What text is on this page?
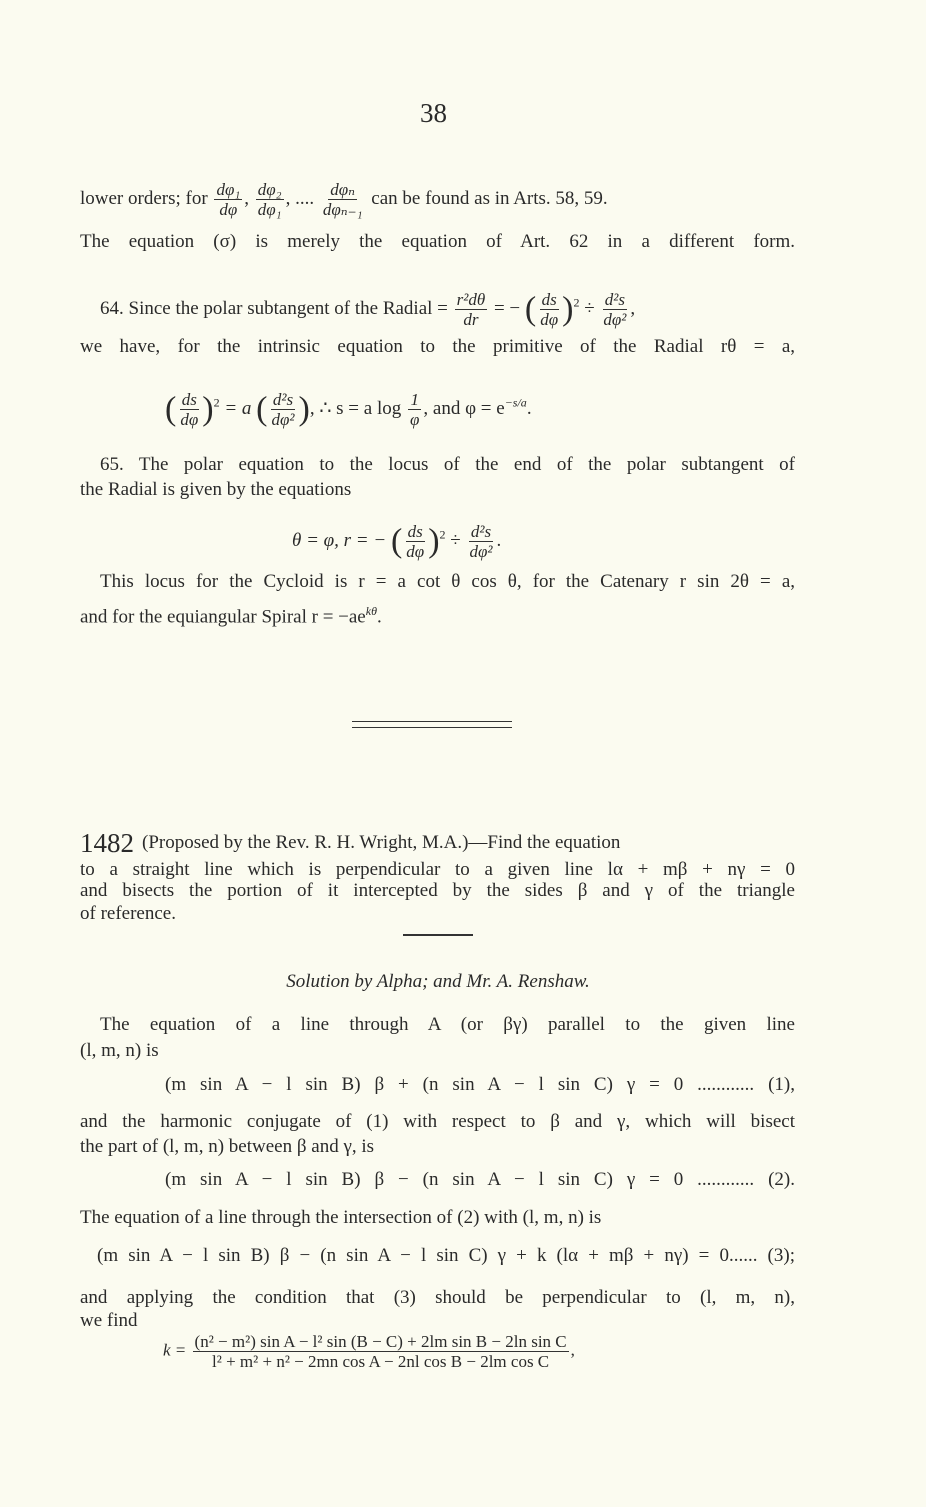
38
lower orders; for $\frac{\text{dφ₁}}{d\varphi}$ , $\frac{\text{dφ₂}}{\text{dφ₁}}$ , .... dφₙ
dφₙ₋₁
can be found as in Arts. 58, 59.
The equation (σ) is merely the equation of Art. 62 in a different form.
64. Since the polar subtangent of the Radial = $\frac{\text{r²dθ}}{dr}$ = − ( $\frac{ds}{d\varphi} )^2 \div \frac{\text{d²s}}{\text{dφ²}}$ ,
we have, for the intrinsic equation to the primitive of the Radial rθ = a,
( $\frac{ds}{d\varphi} )^2 = a$ ( $\frac{\text{d²s}}{\text{dφ²}}$ ), ∴ s = a $\log \frac{1}{\varphi}$ , and $\varphi = e^{-s/a}$.
65. The polar equation to the locus of the end of the polar subtangent of
the Radial is given by the equations
θ = φ, r = − ( $\frac{ds}{d\varphi} )^2 \div \frac{\text{d²s}}{\text{dφ²}}$ .
This locus for the Cycloid is r = a cot θ cos θ, for the Catenary r sin 2θ = a,
and for the equiangular Spiral $r = -ae^{k\theta}$.
1482 (Proposed by the Rev. R. H. Wright, M.A.)—Find the equation
to a straight line which is perpendicular to a given line lα + mβ + nγ = 0
and bisects the portion of it intercepted by the sides β and γ of the triangle
of reference.
Solution by Alpha; and Mr. A. Renshaw.
The equation of a line through A (or βγ) parallel to the given line
(l, m, n) is
(m sin A − l sin B) β + (n sin A − l sin C) γ = 0 ............ (1),
and the harmonic conjugate of (1) with respect to β and γ, which will bisect
the part of (l, m, n) between β and γ, is
(m sin A − l sin B) β − (n sin A − l sin C) γ = 0 ............ (2).
The equation of a line through the intersection of (2) with (l, m, n) is
(m sin A − l sin B) β − (n sin A − l sin C) γ + k (lα + mβ + nγ) = 0...... (3);
and applying the condition that (3) should be perpendicular to (l, m, n),
we find
$k = \frac{\text{(n² − m²) sin A − l² sin (B − C) + 2lm sin B − 2ln sin C}}{\text{l² + m² + n² − 2mn cos A − 2nl cos B − 2lm cos C}}$ ,
